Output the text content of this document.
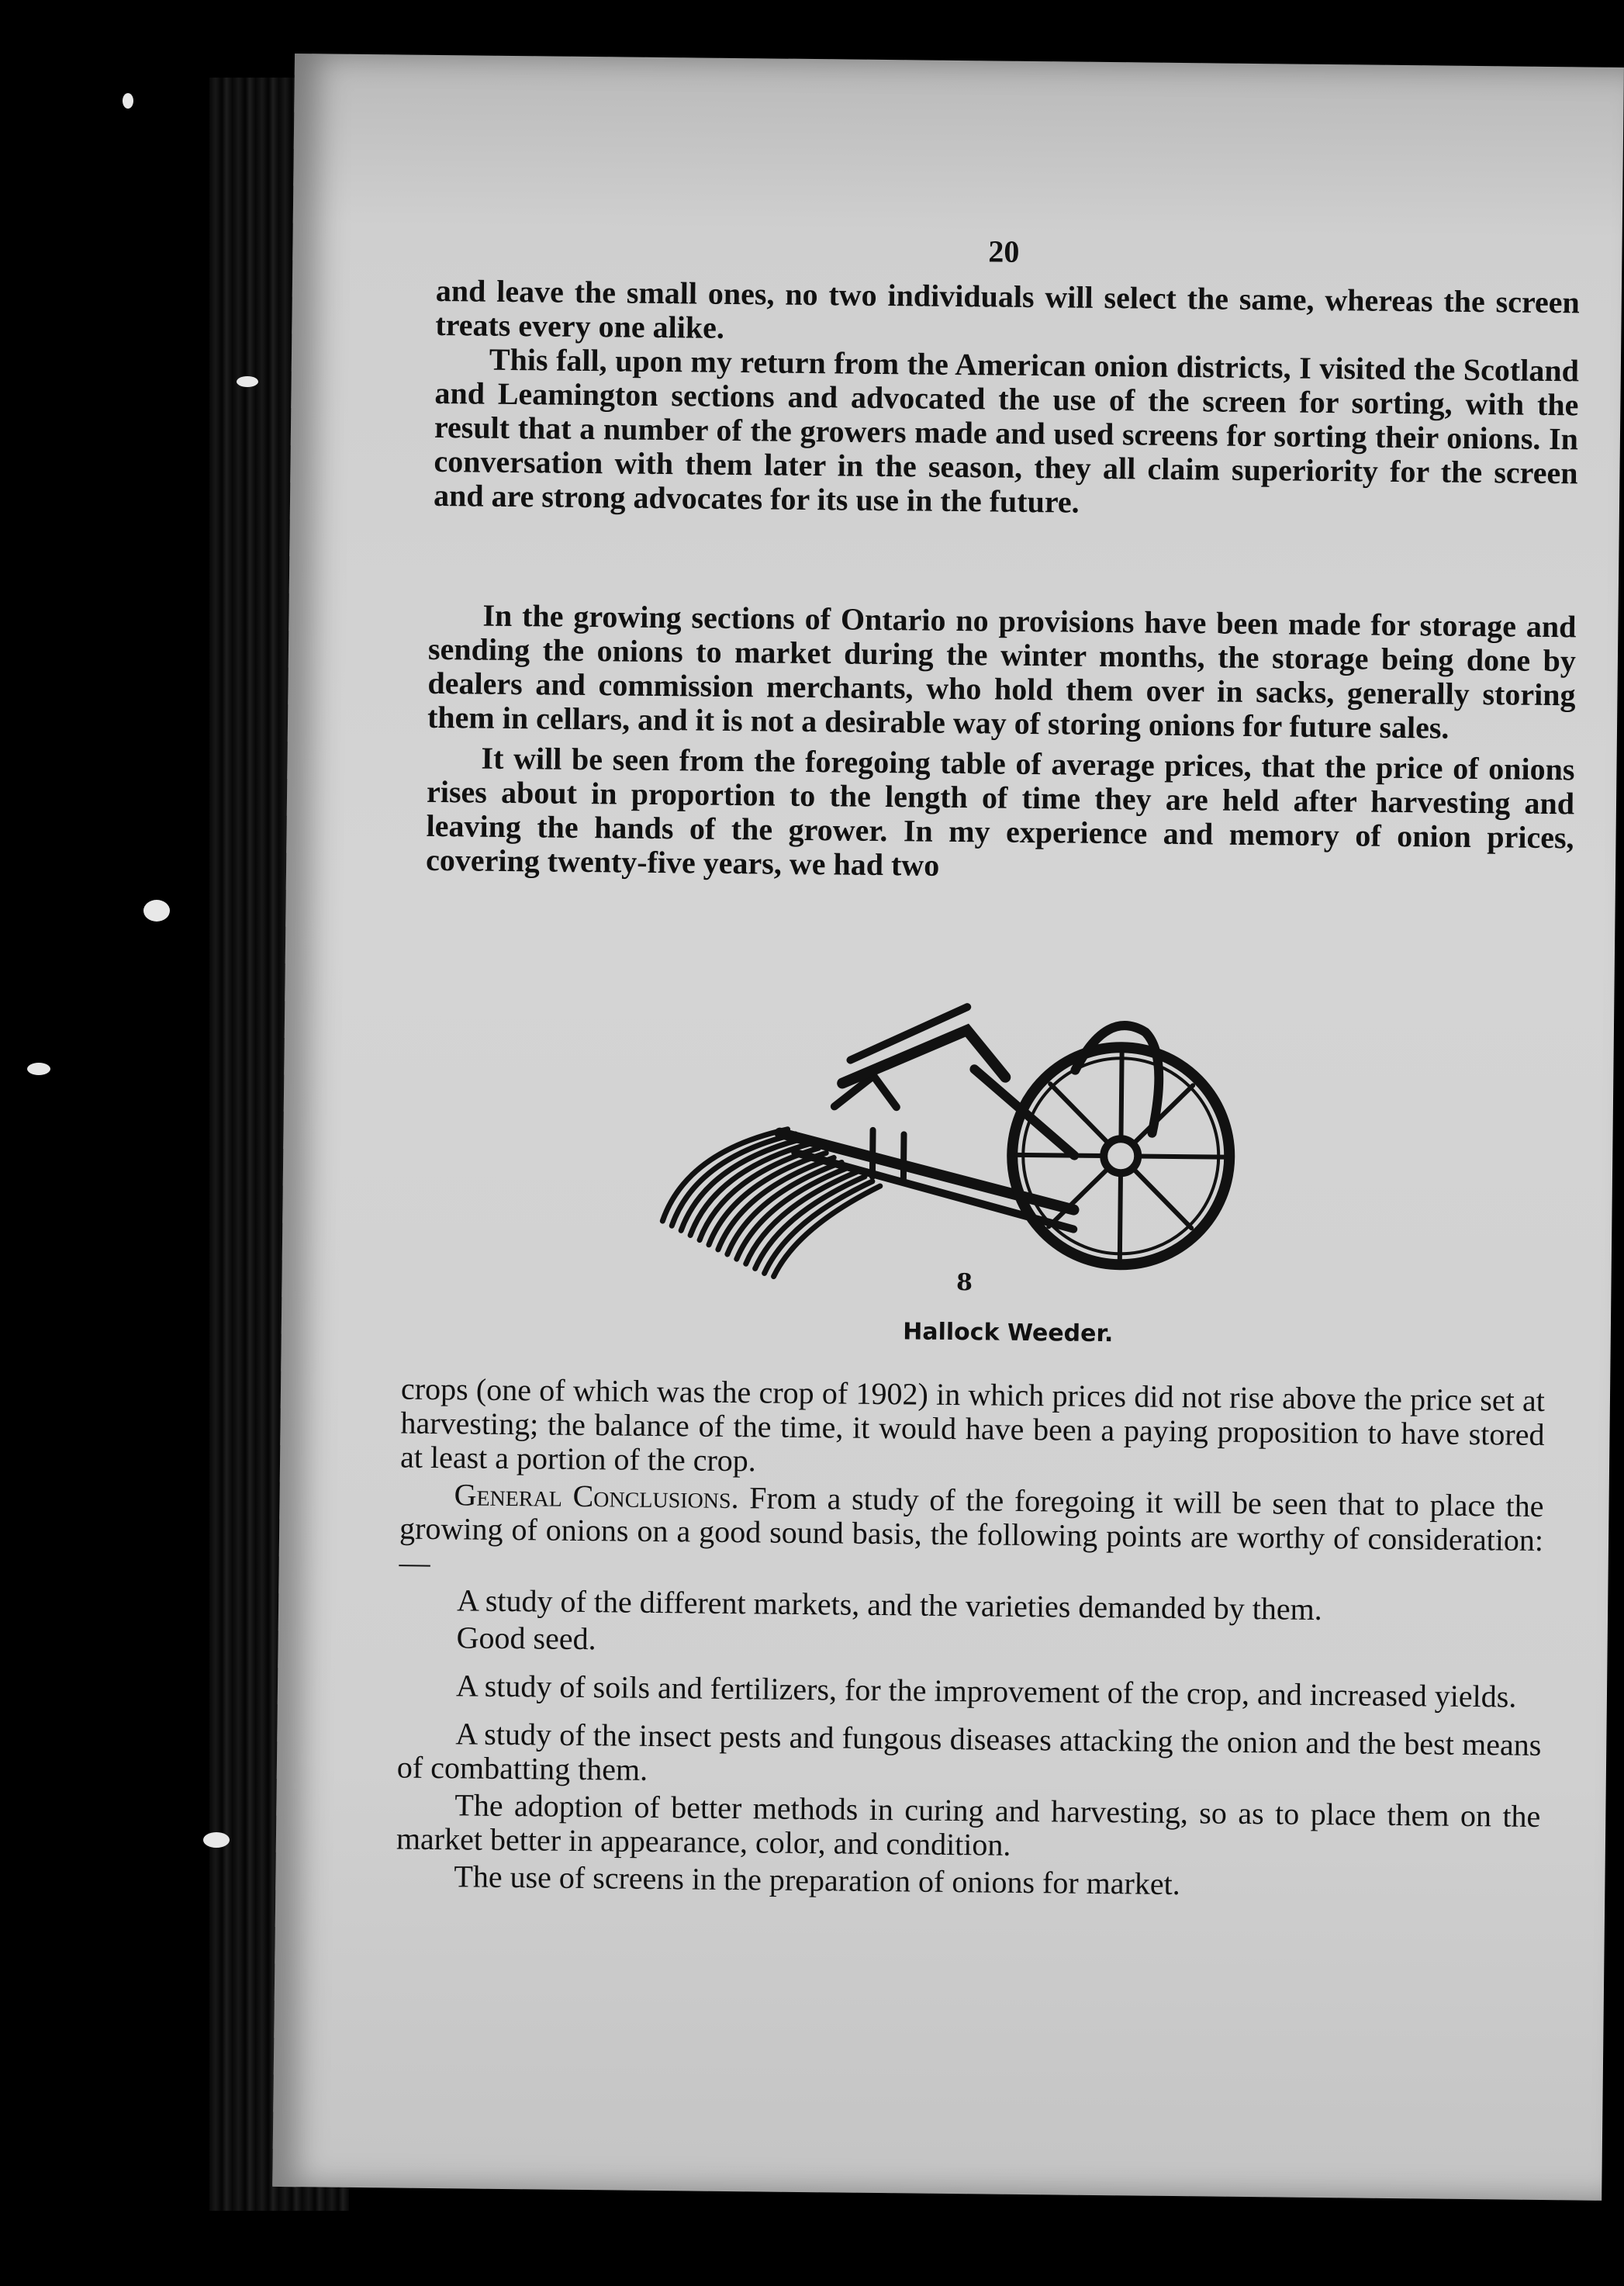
20

and leave the small ones, no two individuals will select the same, whereas the screen treats every one alike.

This fall, upon my return from the American onion districts, I visited the Scotland and Leamington sections and advocated the use of the screen for sorting, with the result that a number of the growers made and used screens for sorting their onions. In conversation with them later in the season, they all claim superiority for the screen and are strong advocates for its use in the future.

In the growing sections of Ontario no provisions have been made for storage and sending the onions to market during the winter months, the storage being done by dealers and commission merchants, who hold them over in sacks, generally storing them in cellars, and it is not a desirable way of storing onions for future sales.

It will be seen from the foregoing table of average prices, that the price of onions rises about in proportion to the length of time they are held after harvesting and leaving the hands of the grower. In my experience and memory of onion prices, covering twenty-five years, we had two

8
Hallock Weeder.

crops (one of which was the crop of 1902) in which prices did not rise above the price set at harvesting; the balance of the time, it would have been a paying proposition to have stored at least a portion of the crop.

General Conclusions. From a study of the foregoing it will be seen that to place the growing of onions on a good sound basis, the following points are worthy of consideration:—

A study of the different markets, and the varieties demanded by them.

Good seed.

A study of soils and fertilizers, for the improvement of the crop, and increased yields.

A study of the insect pests and fungous diseases attacking the onion and the best means of combatting them.

The adoption of better methods in curing and harvesting, so as to place them on the market better in appearance, color, and condition.

The use of screens in the preparation of onions for market.
